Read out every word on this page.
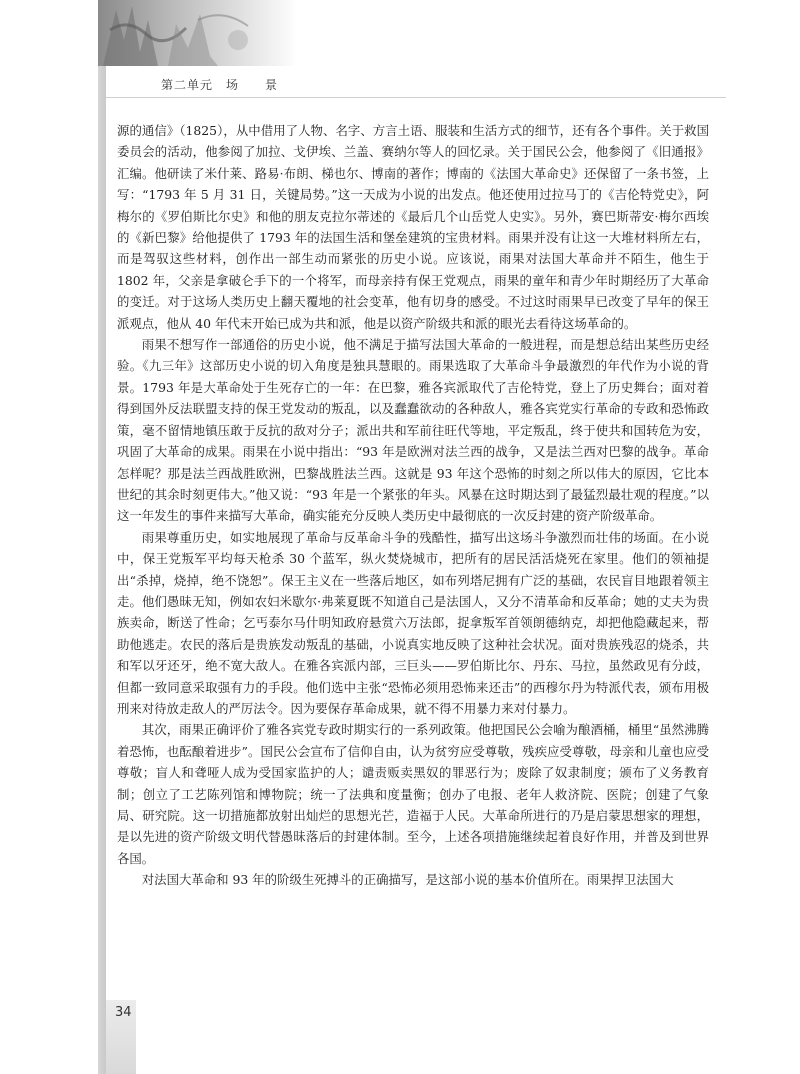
第二单元　场　　景

源的通信》（1825），从中借用了人物、名字、方言土语、服装和生活方式的细节，还有各个事件。关于救国委员会的活动，他参阅了加拉、戈伊埃、兰盖、赛纳尔等人的回忆录。关于国民公会，他参阅了《旧通报》汇编。他研读了米什莱、路易·布朗、梯也尔、博南的著作；博南的《法国大革命史》还保留了一条书签，上写：“1793 年 5 月 31 日，关键局势。”这一天成为小说的出发点。他还使用过拉马丁的《吉伦特党史》，阿梅尔的《罗伯斯比尔史》和他的朋友克拉尔蒂述的《最后几个山岳党人史实》。另外，赛巴斯蒂安·梅尔西埃的《新巴黎》给他提供了 1793 年的法国生活和堡垒建筑的宝贵材料。雨果并没有让这一大堆材料所左右，而是驾驭这些材料，创作出一部生动而紧张的历史小说。应该说，雨果对法国大革命并不陌生，他生于 1802 年，父亲是拿破仑手下的一个将军，而母亲持有保王党观点，雨果的童年和青少年时期经历了大革命的变迁。对于这场人类历史上翻天覆地的社会变革，他有切身的感受。不过这时雨果早已改变了早年的保王派观点，他从 40 年代末开始已成为共和派，他是以资产阶级共和派的眼光去看待这场革命的。

雨果不想写作一部通俗的历史小说，他不满足于描写法国大革命的一般进程，而是想总结出某些历史经验。《九三年》这部历史小说的切入角度是独具慧眼的。雨果选取了大革命斗争最激烈的年代作为小说的背景。1793 年是大革命处于生死存亡的一年：在巴黎，雅各宾派取代了吉伦特党，登上了历史舞台；面对着得到国外反法联盟支持的保王党发动的叛乱，以及蠢蠢欲动的各种敌人，雅各宾党实行革命的专政和恐怖政策，毫不留情地镇压敢于反抗的敌对分子；派出共和军前往旺代等地，平定叛乱，终于使共和国转危为安，巩固了大革命的成果。雨果在小说中指出：“93 年是欧洲对法兰西的战争，又是法兰西对巴黎的战争。革命怎样呢？那是法兰西战胜欧洲，巴黎战胜法兰西。这就是 93 年这个恐怖的时刻之所以伟大的原因，它比本世纪的其余时刻更伟大。”他又说：“93 年是一个紧张的年头。风暴在这时期达到了最猛烈最壮观的程度。”以这一年发生的事件来描写大革命，确实能充分反映人类历史中最彻底的一次反封建的资产阶级革命。

雨果尊重历史，如实地展现了革命与反革命斗争的残酷性，描写出这场斗争激烈而壮伟的场面。在小说中，保王党叛军平均每天枪杀 30 个蓝军，纵火焚烧城市，把所有的居民活活烧死在家里。他们的领袖提出“杀掉，烧掉，绝不饶恕”。保王主义在一些落后地区，如布列塔尼拥有广泛的基础，农民盲目地跟着领主走。他们愚昧无知，例如农妇米歇尔·弗莱夏既不知道自己是法国人，又分不清革命和反革命；她的丈夫为贵族卖命，断送了性命；乞丐泰尔马什明知政府悬赏六万法郎，捉拿叛军首领朗德纳克，却把他隐藏起来，帮助他逃走。农民的落后是贵族发动叛乱的基础，小说真实地反映了这种社会状况。面对贵族残忍的烧杀，共和军以牙还牙，绝不宽大敌人。在雅各宾派内部，三巨头——罗伯斯比尔、丹东、马拉，虽然政见有分歧，但都一致同意采取强有力的手段。他们选中主张“恐怖必须用恐怖来还击”的西穆尔丹为特派代表，颁布用极刑来对待放走敌人的严厉法令。因为要保存革命成果，就不得不用暴力来对付暴力。

其次，雨果正确评价了雅各宾党专政时期实行的一系列政策。他把国民公会喻为酿酒桶，桶里“虽然沸腾着恐怖，也酝酿着进步”。国民公会宣布了信仰自由，认为贫穷应受尊敬，残疾应受尊敬，母亲和儿童也应受尊敬；盲人和聋哑人成为受国家监护的人；谴责贩卖黑奴的罪恶行为；废除了奴隶制度；颁布了义务教育制；创立了工艺陈列馆和博物院；统一了法典和度量衡；创办了电报、老年人救济院、医院；创建了气象局、研究院。这一切措施都放射出灿烂的思想光芒，造福于人民。大革命所进行的乃是启蒙思想家的理想，是以先进的资产阶级文明代替愚昧落后的封建体制。至今，上述各项措施继续起着良好作用，并普及到世界各国。

对法国大革命和 93 年的阶级生死搏斗的正确描写，是这部小说的基本价值所在。雨果捍卫法国大

34
